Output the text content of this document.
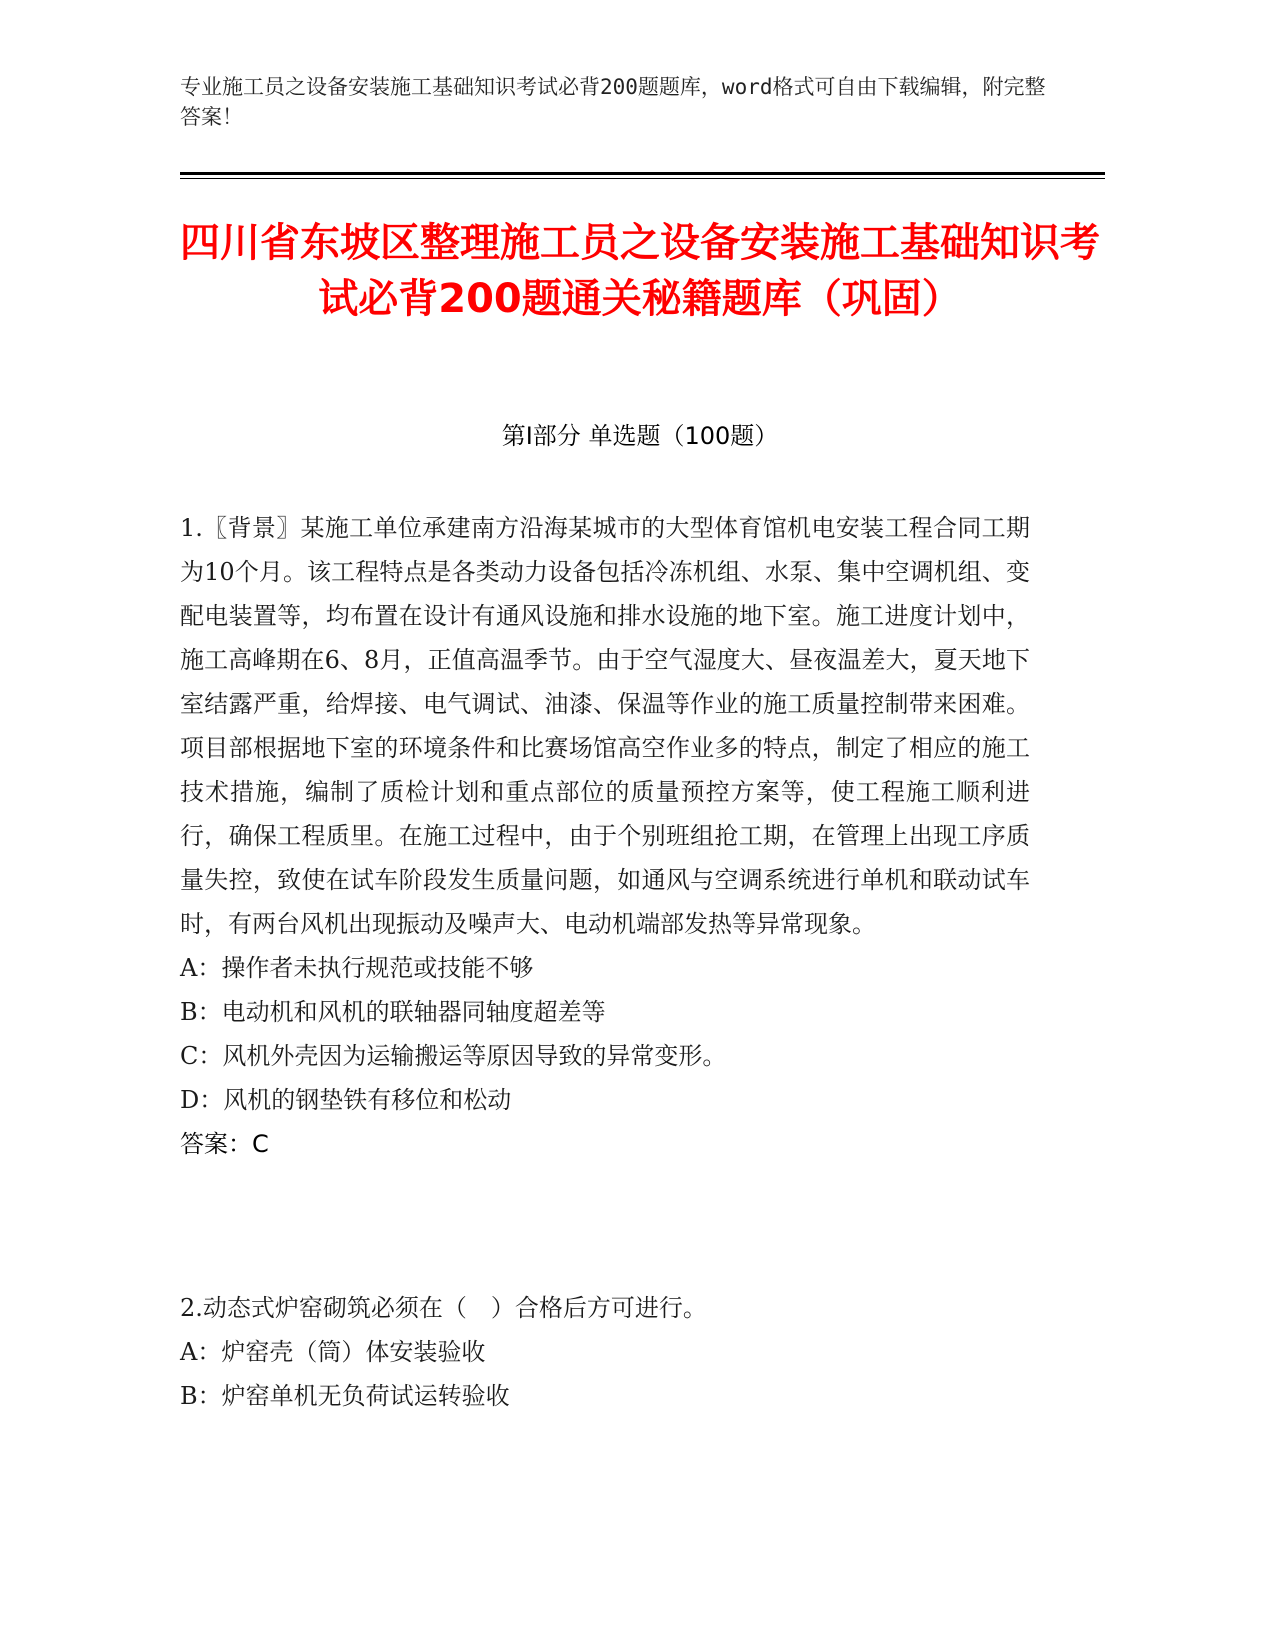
专业施工员之设备安装施工基础知识考试必背200题题库，word格式可自由下载编辑，附完整答案！
四川省东坡区整理施工员之设备安装施工基础知识考试必背200题通关秘籍题库（巩固）
第Ⅰ部分 单选题（100题）
1.〖背景〗某施工单位承建南方沿海某城市的大型体育馆机电安装工程合同工期为10个月。该工程特点是各类动力设备包括冷冻机组、水泵、集中空调机组、变配电装置等，均布置在设计有通风设施和排水设施的地下室。施工进度计划中，施工高峰期在6、8月，正值高温季节。由于空气湿度大、昼夜温差大，夏天地下室结露严重，给焊接、电气调试、油漆、保温等作业的施工质量控制带来困难。项目部根据地下室的环境条件和比赛场馆高空作业多的特点，制定了相应的施工技术措施，编制了质检计划和重点部位的质量预控方案等，使工程施工顺利进行，确保工程质里。在施工过程中，由于个别班组抢工期，在管理上出现工序质量失控，致使在试车阶段发生质量问题，如通风与空调系统进行单机和联动试车时，有两台风机出现振动及噪声大、电动机端部发热等异常现象。
A：操作者未执行规范或技能不够
B：电动机和风机的联轴器同轴度超差等
C：风机外壳因为运输搬运等原因导致的异常变形。
D：风机的钢垫铁有移位和松动
答案：C
2.动态式炉窑砌筑必须在（　）合格后方可进行。
A：炉窑壳（筒）体安装验收
B：炉窑单机无负荷试运转验收
